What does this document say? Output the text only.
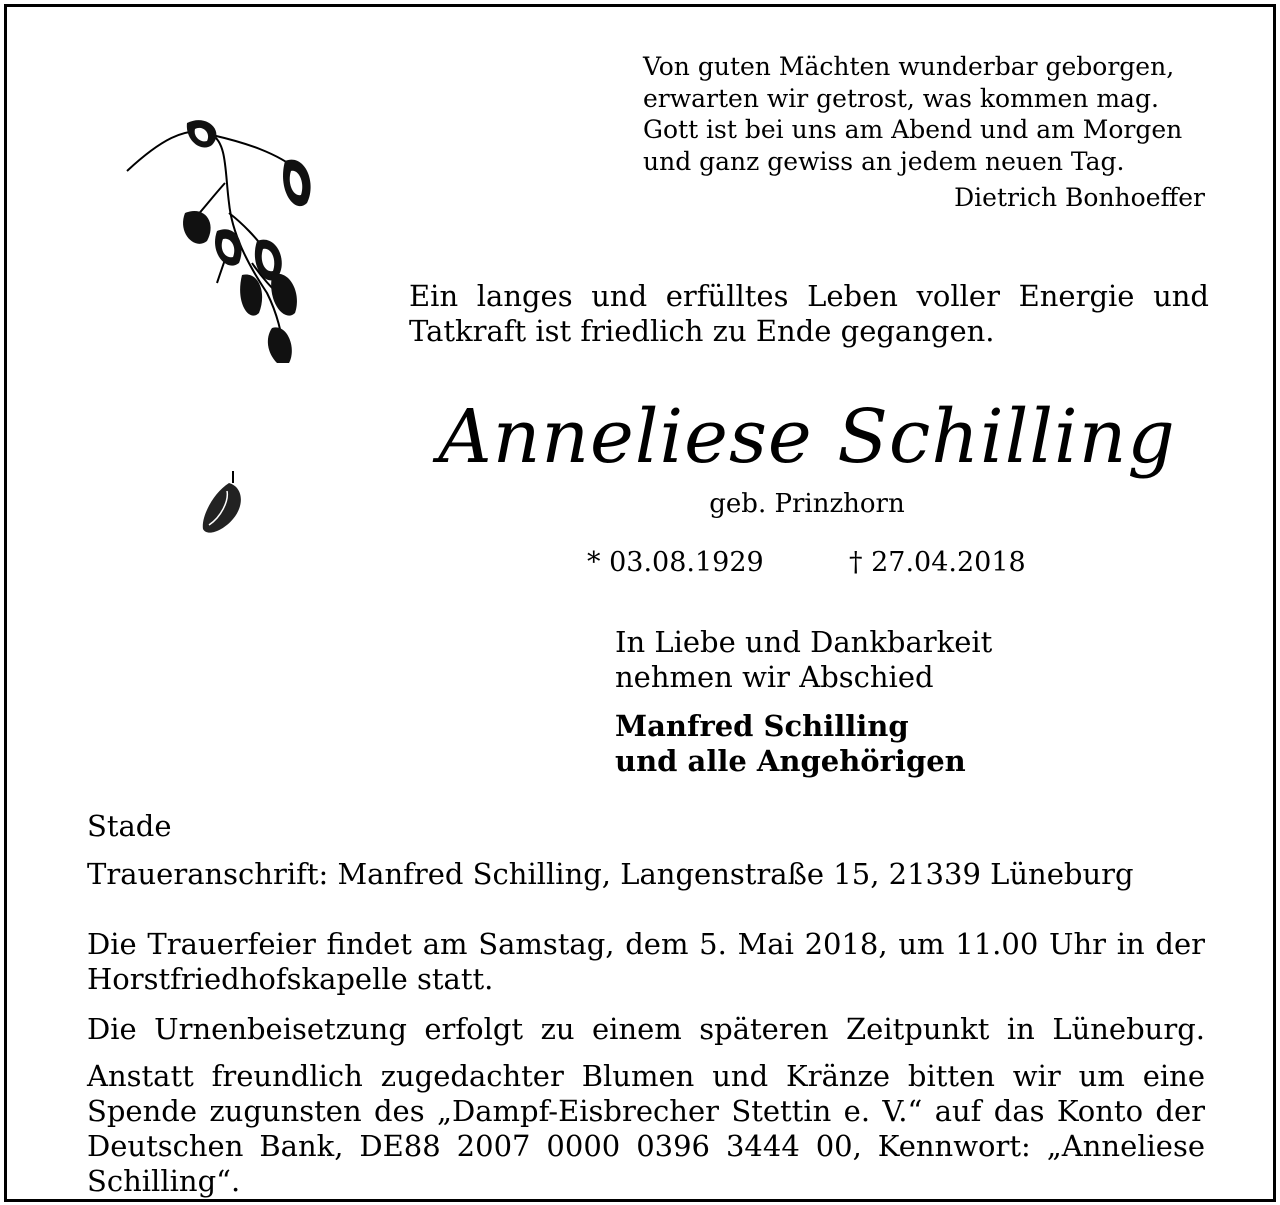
Von guten Mächten wunderbar geborgen,
erwarten wir getrost, was kommen mag.
Gott ist bei uns am Abend und am Morgen
und ganz gewiss an jedem neuen Tag.
Dietrich Bonhoeffer
Ein langes und erfülltes Leben voller Energie und
Tatkraft ist friedlich zu Ende gegangen.
Anneliese Schilling
geb. Prinzhorn
* 03.08.1929	† 27.04.2018
In Liebe und Dankbarkeit
nehmen wir Abschied
Manfred Schilling
und alle Angehörigen
Stade
Traueranschrift: Manfred Schilling, Langenstraße 15, 21339 Lüneburg
Die Trauerfeier findet am Samstag, dem 5. Mai 2018, um 11.00 Uhr in der Horstfriedhofskapelle statt.
Die Urnenbeisetzung erfolgt zu einem späteren Zeitpunkt in Lüneburg.
Anstatt freundlich zugedachter Blumen und Kränze bitten wir um eine Spende zugunsten des „Dampf-Eisbrecher Stettin e. V.“ auf das Konto der Deutschen Bank, DE88 2007 0000 0396 3444 00, Kennwort: „Anneliese Schilling“.
